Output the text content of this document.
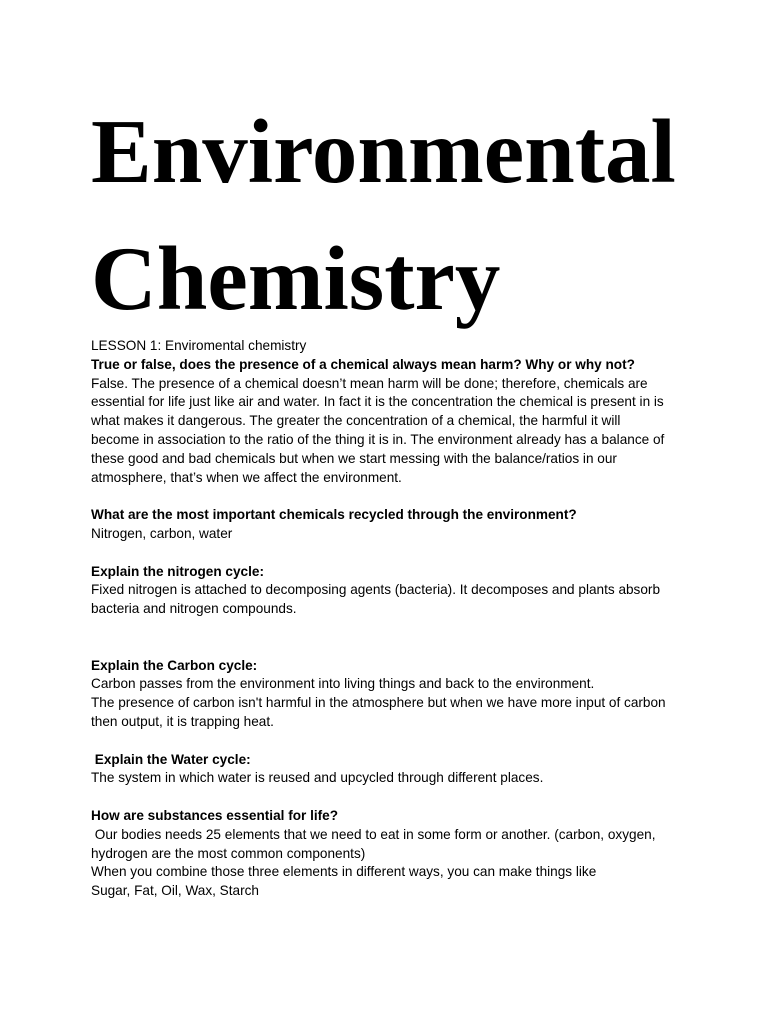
Environmental
Chemistry
LESSON 1: Enviromental chemistry
True or false, does the presence of a chemical always mean harm? Why or why not?
False. The presence of a chemical doesn’t mean harm will be done; therefore, chemicals are
essential for life just like air and water. In fact it is the concentration the chemical is present in is
what makes it dangerous. The greater the concentration of a chemical, the harmful it will
become in association to the ratio of the thing it is in. The environment already has a balance of
these good and bad chemicals but when we start messing with the balance/ratios in our
atmosphere, that’s when we affect the environment.
What are the most important chemicals recycled through the environment?
Nitrogen, carbon, water
Explain the nitrogen cycle:
Fixed nitrogen is attached to decomposing agents (bacteria). It decomposes and plants absorb
bacteria and nitrogen compounds.
Explain the Carbon cycle:
Carbon passes from the environment into living things and back to the environment.
The presence of carbon isn't harmful in the atmosphere but when we have more input of carbon
then output, it is trapping heat.
Explain the Water cycle:
The system in which water is reused and upcycled through different places.
How are substances essential for life?
Our bodies needs 25 elements that we need to eat in some form or another. (carbon, oxygen,
hydrogen are the most common components)
When you combine those three elements in different ways, you can make things like
Sugar, Fat, Oil, Wax, Starch
